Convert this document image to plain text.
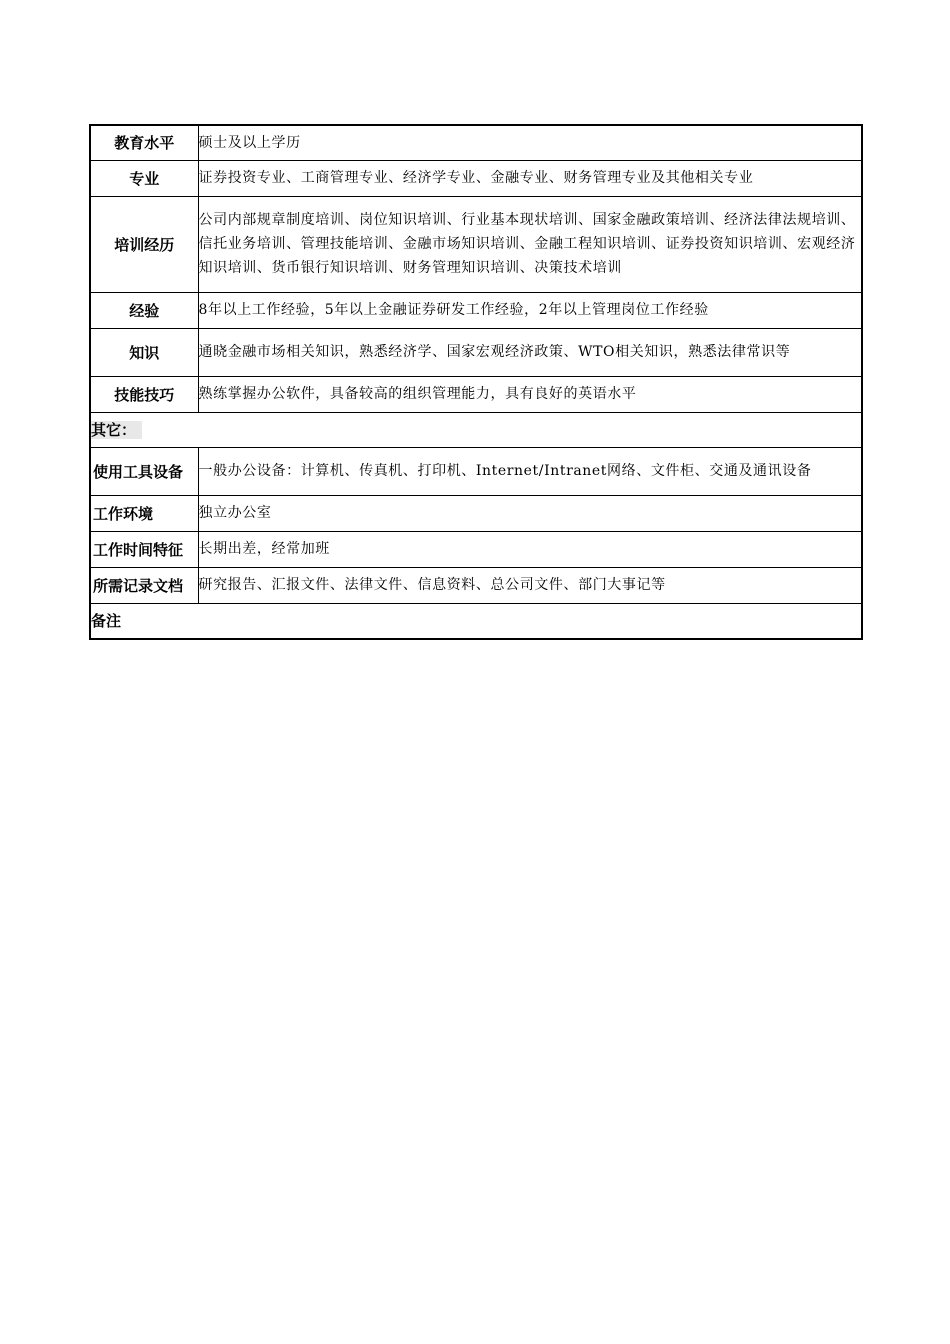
教育水平	硕士及以上学历
专业	证券投资专业、工商管理专业、经济学专业、金融专业、财务管理专业及其他相关专业
培训经历	公司内部规章制度培训、岗位知识培训、行业基本现状培训、国家金融政策培训、经济法律法规培训、信托业务培训、管理技能培训、金融市场知识培训、金融工程知识培训、证券投资知识培训、宏观经济知识培训、货币银行知识培训、财务管理知识培训、决策技术培训
经验	8年以上工作经验，5年以上金融证券研发工作经验，2年以上管理岗位工作经验
知识	通晓金融市场相关知识，熟悉经济学、国家宏观经济政策、WTO相关知识，熟悉法律常识等
技能技巧	熟练掌握办公软件，具备较高的组织管理能力，具有良好的英语水平
其它：	
使用工具设备	一般办公设备：计算机、传真机、打印机、Internet/Intranet网络、文件柜、交通及通讯设备
工作环境	独立办公室
工作时间特征	长期出差，经常加班
所需记录文档	研究报告、汇报文件、法律文件、信息资料、总公司文件、部门大事记等
备注	
